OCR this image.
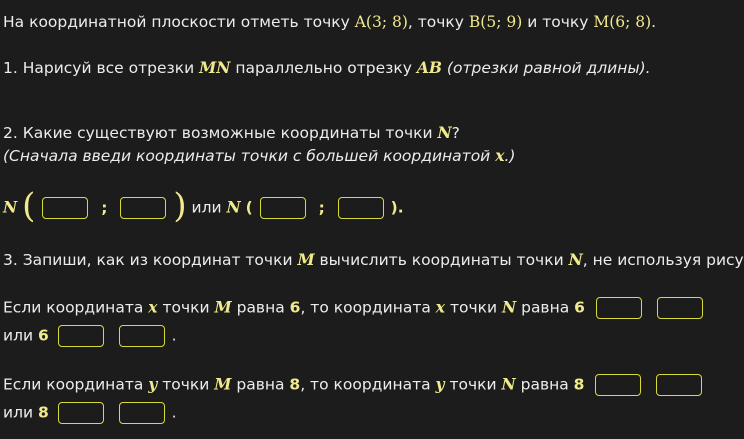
На координатной плоскости отметь точку A(3; 8), точку B(5; 9) и точку M(6; 8).
1. Нарисуй все отрезки MN параллельно отрезку AB (отрезки равной длины).
2. Какие существуют возможные координаты точки N?
(Сначала введи координаты точки с большей координатой x.)
N (	; ) или N (	;	).
3. Запиши, как из координат точки M вычислить координаты точки N, не используя рису
Если координата x точки M равна 6, то координата x точки N равна 6
или 6	.
Если координата y точки M равна 8, то координата y точки N равна 8
или 8	.
